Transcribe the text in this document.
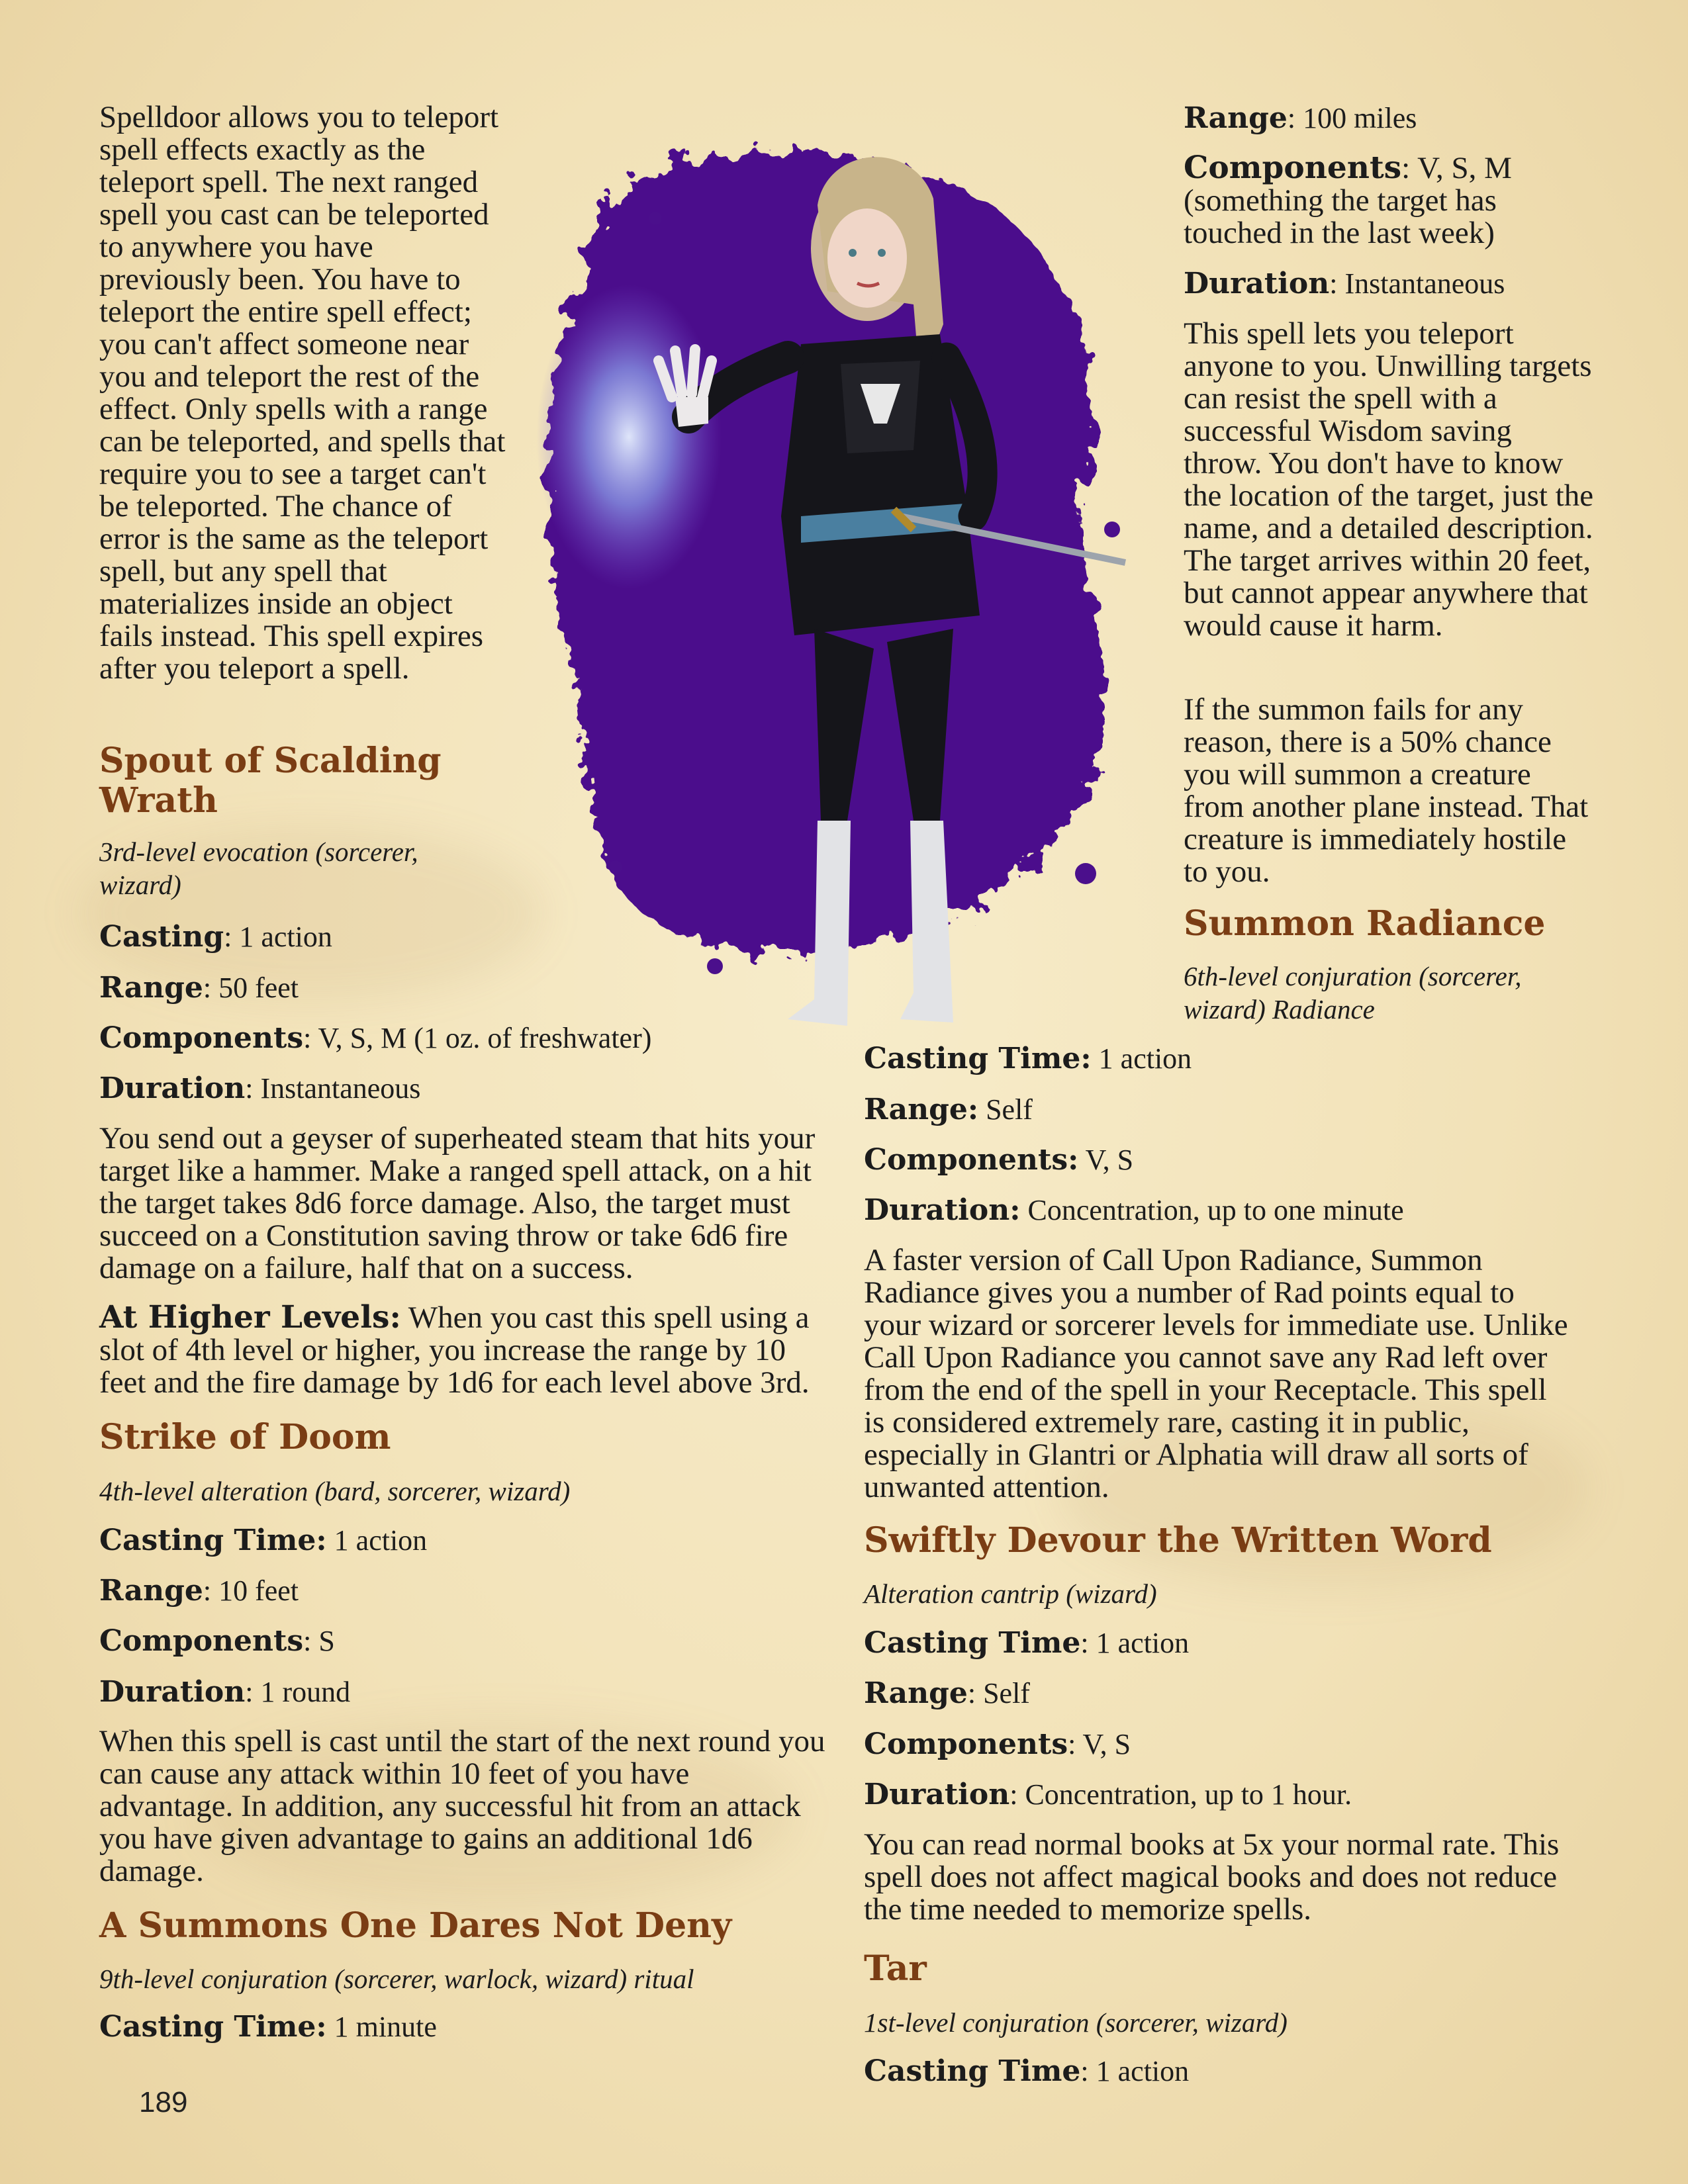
Spelldoor allows you to teleport spell effects exactly as the teleport spell. The next ranged spell you cast can be teleported to anywhere you have previously been. You have to teleport the entire spell effect; you can't affect someone near you and teleport the rest of the effect. Only spells with a range can be teleported, and spells that require you to see a target can't be teleported. The chance of error is the same as the teleport spell, but any spell that materializes inside an object fails instead. This spell expires after you teleport a spell.

Spout of Scalding Wrath
3rd-level evocation (sorcerer, wizard)
Casting: 1 action
Range: 50 feet
Components: V, S, M (1 oz. of freshwater)
Duration: Instantaneous

You send out a geyser of superheated steam that hits your target like a hammer. Make a ranged spell attack, on a hit the target takes 8d6 force damage. Also, the target must succeed on a Constitution saving throw or take 6d6 fire damage on a failure, half that on a success.

At Higher Levels: When you cast this spell using a slot of 4th level or higher, you increase the range by 10 feet and the fire damage by 1d6 for each level above 3rd.

Strike of Doom
4th-level alteration (bard, sorcerer, wizard)
Casting Time: 1 action
Range: 10 feet
Components: S
Duration: 1 round

When this spell is cast until the start of the next round you can cause any attack within 10 feet of you have advantage. In addition, any successful hit from an attack you have given advantage to gains an additional 1d6 damage.

A Summons One Dares Not Deny
9th-level conjuration (sorcerer, warlock, wizard) ritual
Casting Time: 1 minute
189
Range: 100 miles

Components: V, S, M (something the target has touched in the last week)

Duration: Instantaneous

This spell lets you teleport anyone to you. Unwilling targets can resist the spell with a successful Wisdom saving throw. You don't have to know the location of the target, just the name, and a detailed description. The target arrives within 20 feet, but cannot appear anywhere that would cause it harm.

If the summon fails for any reason, there is a 50% chance you will summon a creature from another plane instead. That creature is immediately hostile to you.

Summon Radiance
6th-level conjuration (sorcerer, wizard) Radiance
Casting Time: 1 action
Range: Self
Components: V, S
Duration: Concentration, up to one minute

A faster version of Call Upon Radiance, Summon Radiance gives you a number of Rad points equal to your wizard or sorcerer levels for immediate use. Unlike Call Upon Radiance you cannot save any Rad left over from the end of the spell in your Receptacle. This spell is considered extremely rare, casting it in public, especially in Glantri or Alphatia will draw all sorts of unwanted attention.

Swiftly Devour the Written Word
Alteration cantrip (wizard)
Casting Time: 1 action
Range: Self
Components: V, S
Duration: Concentration, up to 1 hour.

You can read normal books at 5x your normal rate. This spell does not affect magical books and does not reduce the time needed to memorize spells.

Tar
1st-level conjuration (sorcerer, wizard)
Casting Time: 1 action
